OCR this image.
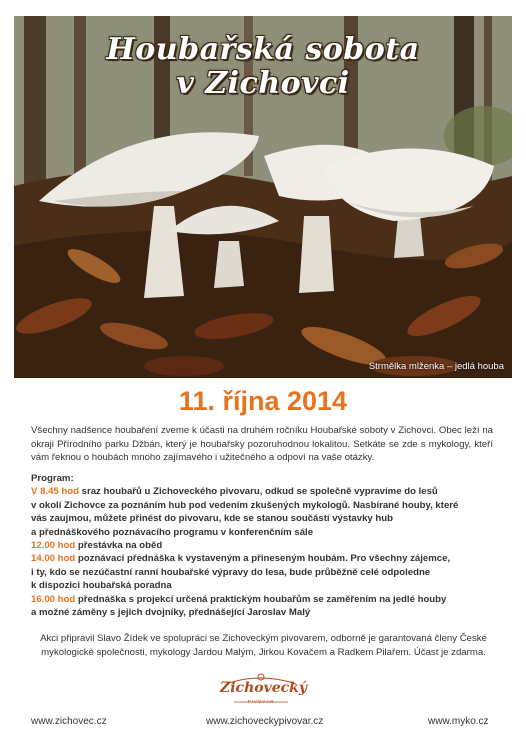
Houbařská sobota
v Zichovci
Strmělka mlženka – jedlá houba
11. října 2014
Všechny nadšence houbaření zveme k účasti na druhém ročníku Houbařské soboty v Zichovci. Obec leží na okraji Přírodního parku Džbán, který je houbařsky pozoruhodnou lokalitou. Setkáte se zde s mykology, kteří vám řeknou o houbách mnoho zajímavého i užitečného a odpoví na vaše otázky.
Program:
V 8.45 hod sraz houbařů u Zichoveckého pivovaru, odkud se společně vypravíme do lesů
v okolí Zichovce za poznáním hub pod vedením zkušených mykologů. Nasbírané houby, které
vás zaujmou, můžete přinést do pivovaru, kde se stanou součástí výstavky hub
a přednáškového poznávacího programu v konferenčním sále
12.00 hod přestávka na oběd
14.00 hod poznávací přednáška k vystaveným a přineseným houbám. Pro všechny zájemce,
i ty, kdo se nezúčastní ranní houbařské výpravy do lesa, bude průběžně celé odpoledne
k dispozici houbařská poradna
16.00 hod přednáška s projekcí určená praktickým houbařům se zaměřením na jedlé houby
a možné záměny s jejich dvojníky, přednášející Jaroslav Malý
Akci připravil Slavo Žídek ve spolupráci se Zichoveckým pivovarem, odborně je garantovaná členy České mykologické společnosti, mykology Jardou Malým, Jirkou Kovačem a Radkem Pilařem. Účast je zdarma.
Zichovecký
PIVOVAR
www.zichovec.cz	www.zichoveckypivovar.cz	www.myko.cz
